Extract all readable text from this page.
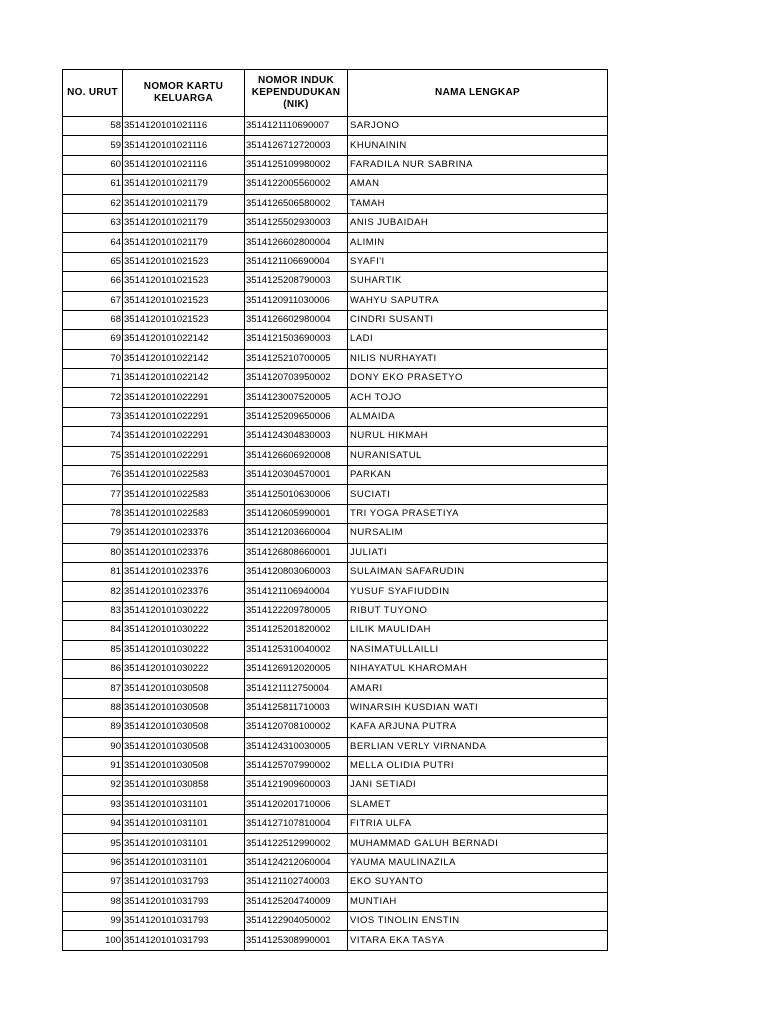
NO. URUT	NOMOR KARTU KELUARGA	NOMOR INDUK KEPENDUDUKAN (NIK)	NAMA LENGKAP
58	3514120101021116	3514121110690007	SARJONO
59	3514120101021116	3514126712720003	KHUNAININ
60	3514120101021116	3514125109980002	FARADILA NUR SABRINA
61	3514120101021179	3514122005560002	AMAN
62	3514120101021179	3514126506580002	TAMAH
63	3514120101021179	3514125502930003	ANIS JUBAIDAH
64	3514120101021179	3514126602800004	ALIMIN
65	3514120101021523	3514121106690004	SYAFI'I
66	3514120101021523	3514125208790003	SUHARTIK
67	3514120101021523	3514120911030006	WAHYU SAPUTRA
68	3514120101021523	3514126602980004	CINDRI SUSANTI
69	3514120101022142	3514121503690003	LADI
70	3514120101022142	3514125210700005	NILIS NURHAYATI
71	3514120101022142	3514120703950002	DONY EKO PRASETYO
72	3514120101022291	3514123007520005	ACH TOJO
73	3514120101022291	3514125209650006	ALMAIDA
74	3514120101022291	3514124304830003	NURUL HIKMAH
75	3514120101022291	3514126606920008	NURANISATUL
76	3514120101022583	3514120304570001	PARKAN
77	3514120101022583	3514125010630006	SUCIATI
78	3514120101022583	3514120605990001	TRI YOGA PRASETIYA
79	3514120101023376	3514121203660004	NURSALIM
80	3514120101023376	3514126808660001	JULIATI
81	3514120101023376	3514120803060003	SULAIMAN SAFARUDIN
82	3514120101023376	3514121106940004	YUSUF SYAFIUDDIN
83	3514120101030222	3514122209780005	RIBUT TUYONO
84	3514120101030222	3514125201820002	LILIK MAULIDAH
85	3514120101030222	3514125310040002	NASIMATULLAILLI
86	3514120101030222	3514126912020005	NIHAYATUL KHAROMAH
87	3514120101030508	3514121112750004	AMARI
88	3514120101030508	3514125811710003	WINARSIH KUSDIAN WATI
89	3514120101030508	3514120708100002	KAFA ARJUNA PUTRA
90	3514120101030508	3514124310030005	BERLIAN VERLY VIRNANDA
91	3514120101030508	3514125707990002	MELLA OLIDIA PUTRI
92	3514120101030858	3514121909600003	JANI SETIADI
93	3514120101031101	3514120201710006	SLAMET
94	3514120101031101	3514127107810004	FITRIA ULFA
95	3514120101031101	3514122512990002	MUHAMMAD GALUH BERNADI
96	3514120101031101	3514124212060004	YAUMA MAULINAZILA
97	3514120101031793	3514121102740003	EKO SUYANTO
98	3514120101031793	3514125204740009	MUNTIAH
99	3514120101031793	3514122904050002	VIOS TINOLIN ENSTIN
100	3514120101031793	3514125308990001	VITARA EKA TASYA
